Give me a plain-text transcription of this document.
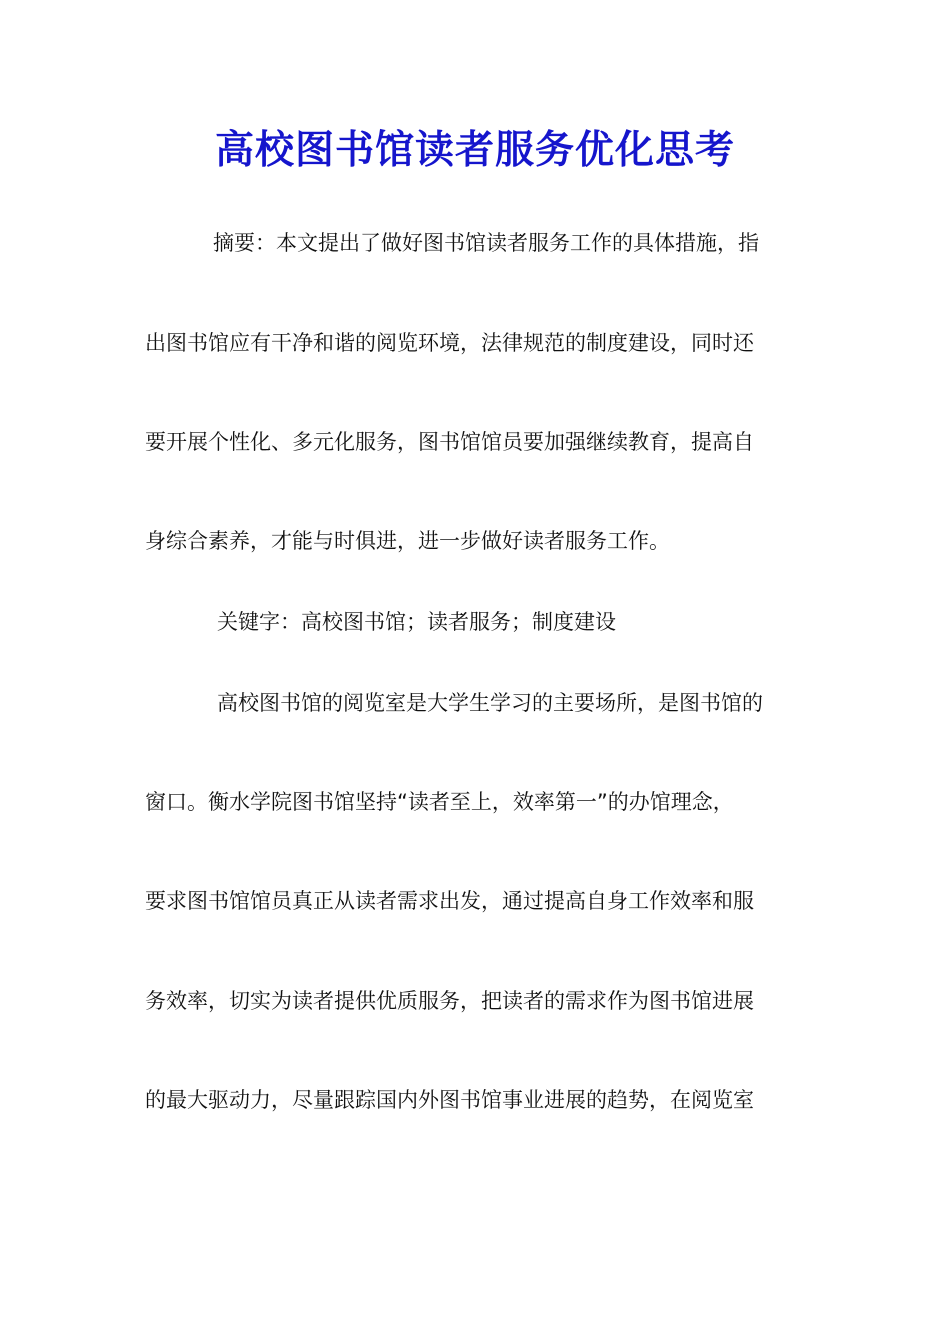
高校图书馆读者服务优化思考
摘要：本文提出了做好图书馆读者服务工作的具体措施，指
出图书馆应有干净和谐的阅览环境，法律规范的制度建设，同时还
要开展个性化、多元化服务，图书馆馆员要加强继续教育，提高自
身综合素养，才能与时俱进，进一步做好读者服务工作。
关键字：高校图书馆；读者服务；制度建设
高校图书馆的阅览室是大学生学习的主要场所，是图书馆的
窗口。衡水学院图书馆坚持“读者至上，效率第一”的办馆理念，
要求图书馆馆员真正从读者需求出发，通过提高自身工作效率和服
务效率，切实为读者提供优质服务，把读者的需求作为图书馆进展
的最大驱动力，尽量跟踪国内外图书馆事业进展的趋势，在阅览室
